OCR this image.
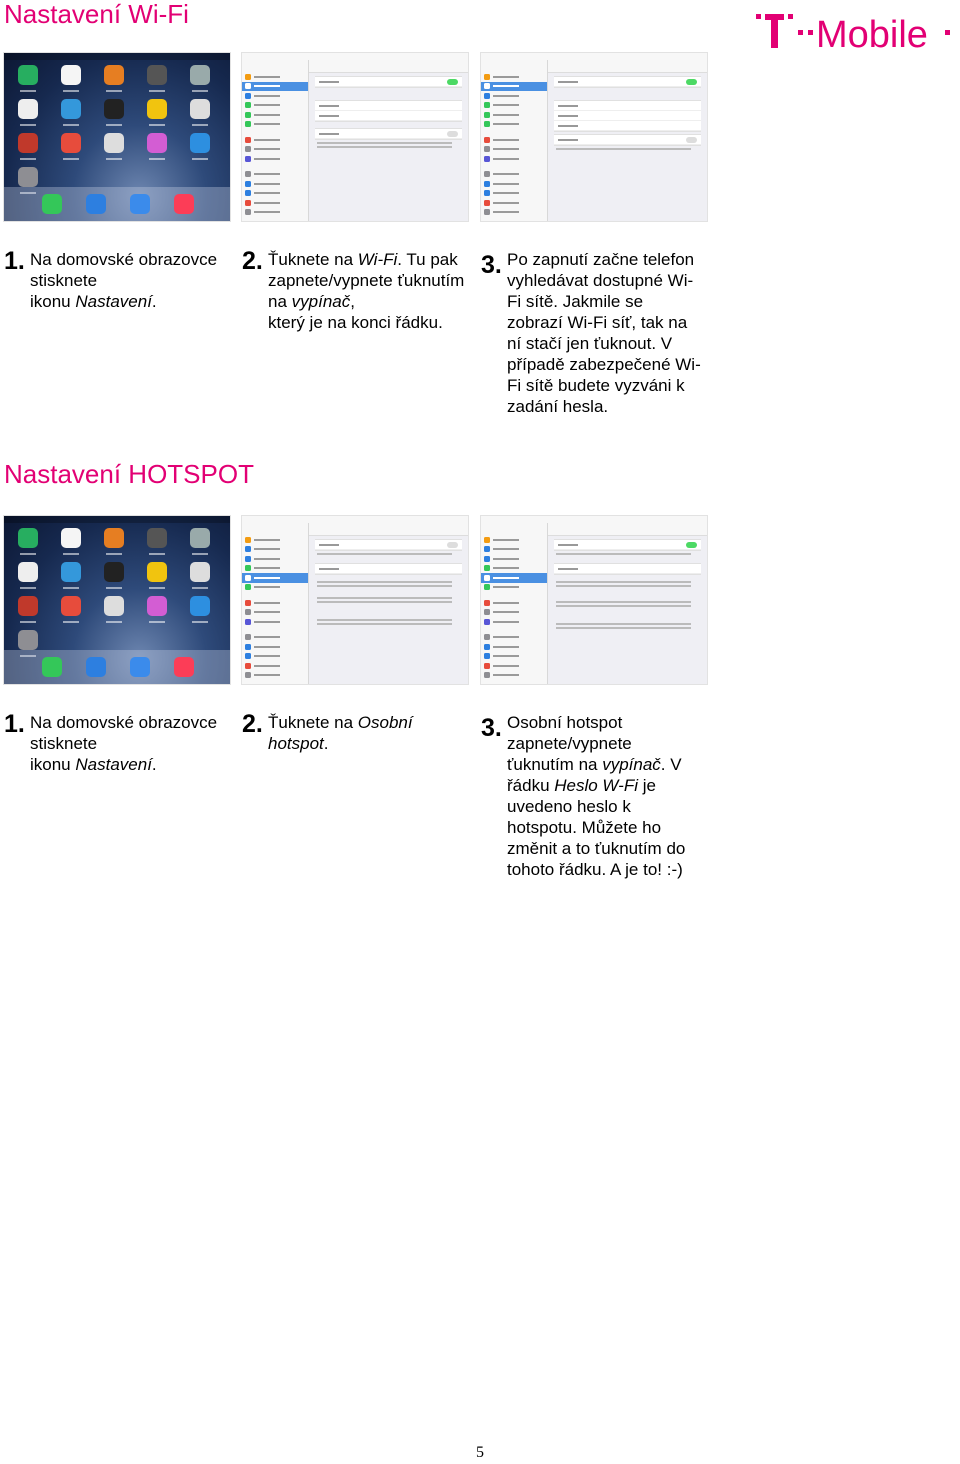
Nastavení Wi-Fi	Mobile
1. Na domovské obrazovce stisknete
ikonu Nastavení.
2. Ťuknete na Wi-Fi. Tu pak zapnete/vypnete ťuknutím na vypínač,
který je na konci řádku.
3. Po zapnutí začne telefon vyhledávat dostupné Wi-Fi sítě. Jakmile se zobrazí Wi-Fi síť, tak na ní stačí jen ťuknout. V případě zabezpečené Wi-Fi sítě budete vyzváni k zadání hesla.
Nastavení HOTSPOT
1. Na domovské obrazovce stisknete
ikonu Nastavení.
2. Ťuknete na Osobní hotspot.
3. Osobní hotspot zapnete/vypnete ťuknutím na vypínač. V řádku Heslo W-Fi je uvedeno heslo k hotspotu. Můžete ho změnit a to ťuknutím do tohoto řádku. A je to! :-)
5
